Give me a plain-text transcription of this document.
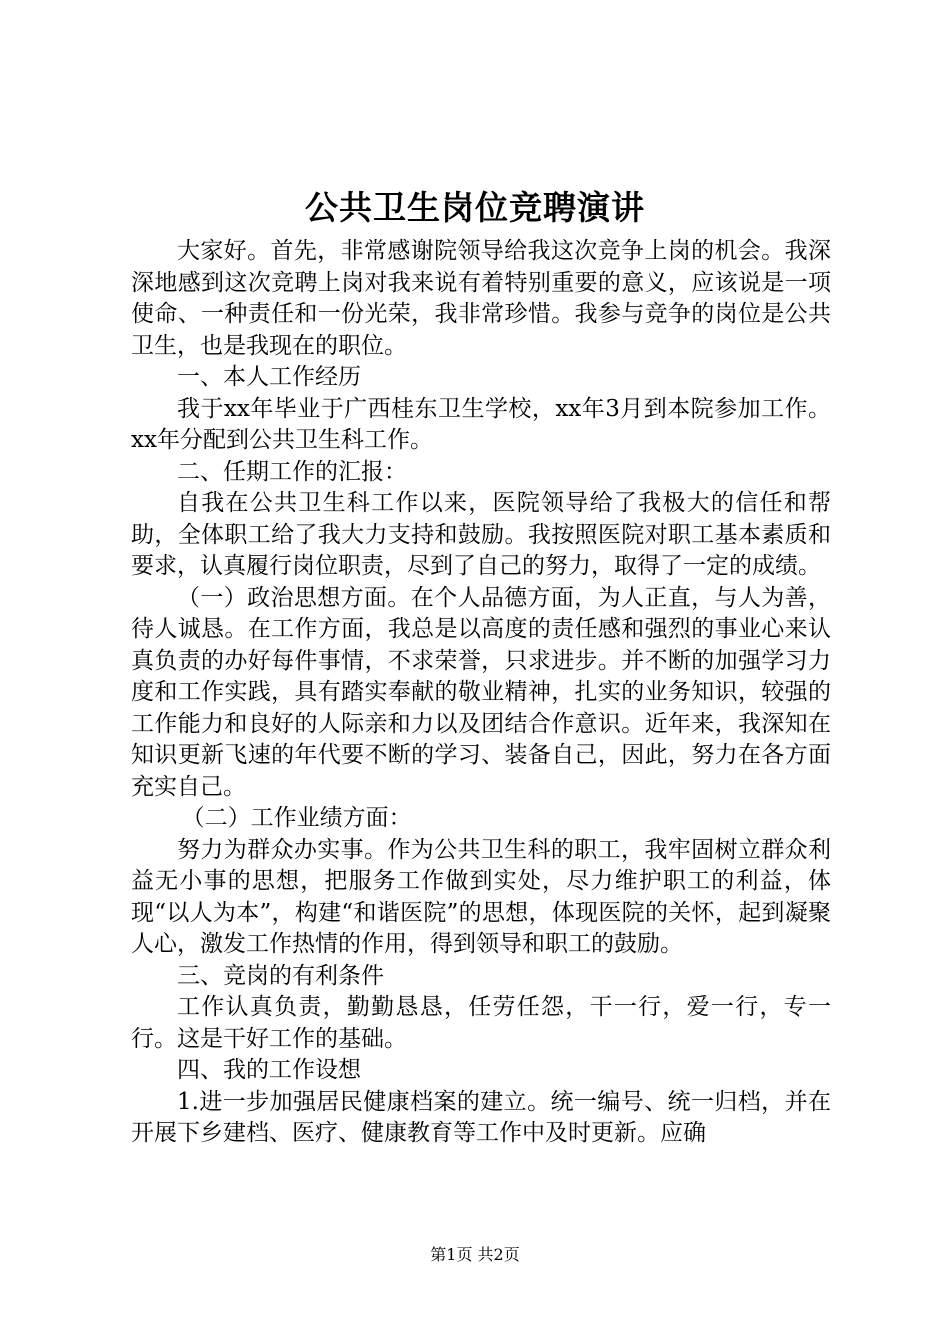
公共卫生岗位竞聘演讲

大家好。首先，非常感谢院领导给我这次竞争上岗的机会。我深深地感到这次竞聘上岗对我来说有着特别重要的意义，应该说是一项使命、一种责任和一份光荣，我非常珍惜。我参与竞争的岗位是公共卫生，也是我现在的职位。

一、本人工作经历

我于xx年毕业于广西桂东卫生学校，xx年3月到本院参加工作。xx年分配到公共卫生科工作。

二、任期工作的汇报：

自我在公共卫生科工作以来，医院领导给了我极大的信任和帮助，全体职工给了我大力支持和鼓励。我按照医院对职工基本素质和要求，认真履行岗位职责，尽到了自己的努力，取得了一定的成绩。

（一）政治思想方面。在个人品德方面，为人正直，与人为善，待人诚恳。在工作方面，我总是以高度的责任感和强烈的事业心来认真负责的办好每件事情，不求荣誉，只求进步。并不断的加强学习力度和工作实践，具有踏实奉献的敬业精神，扎实的业务知识，较强的工作能力和良好的人际亲和力以及团结合作意识。近年来，我深知在知识更新飞速的年代要不断的学习、装备自己，因此，努力在各方面充实自己。

（二）工作业绩方面：

努力为群众办实事。作为公共卫生科的职工，我牢固树立群众利益无小事的思想，把服务工作做到实处，尽力维护职工的利益，体现“以人为本”，构建“和谐医院”的思想，体现医院的关怀，起到凝聚人心，激发工作热情的作用，得到领导和职工的鼓励。

三、竞岗的有利条件

工作认真负责，勤勤恳恳，任劳任怨，干一行，爱一行，专一行。这是干好工作的基础。

四、我的工作设想

1.进一步加强居民健康档案的建立。统一编号、统一归档，并在开展下乡建档、医疗、健康教育等工作中及时更新。应确

第1页 共2页
